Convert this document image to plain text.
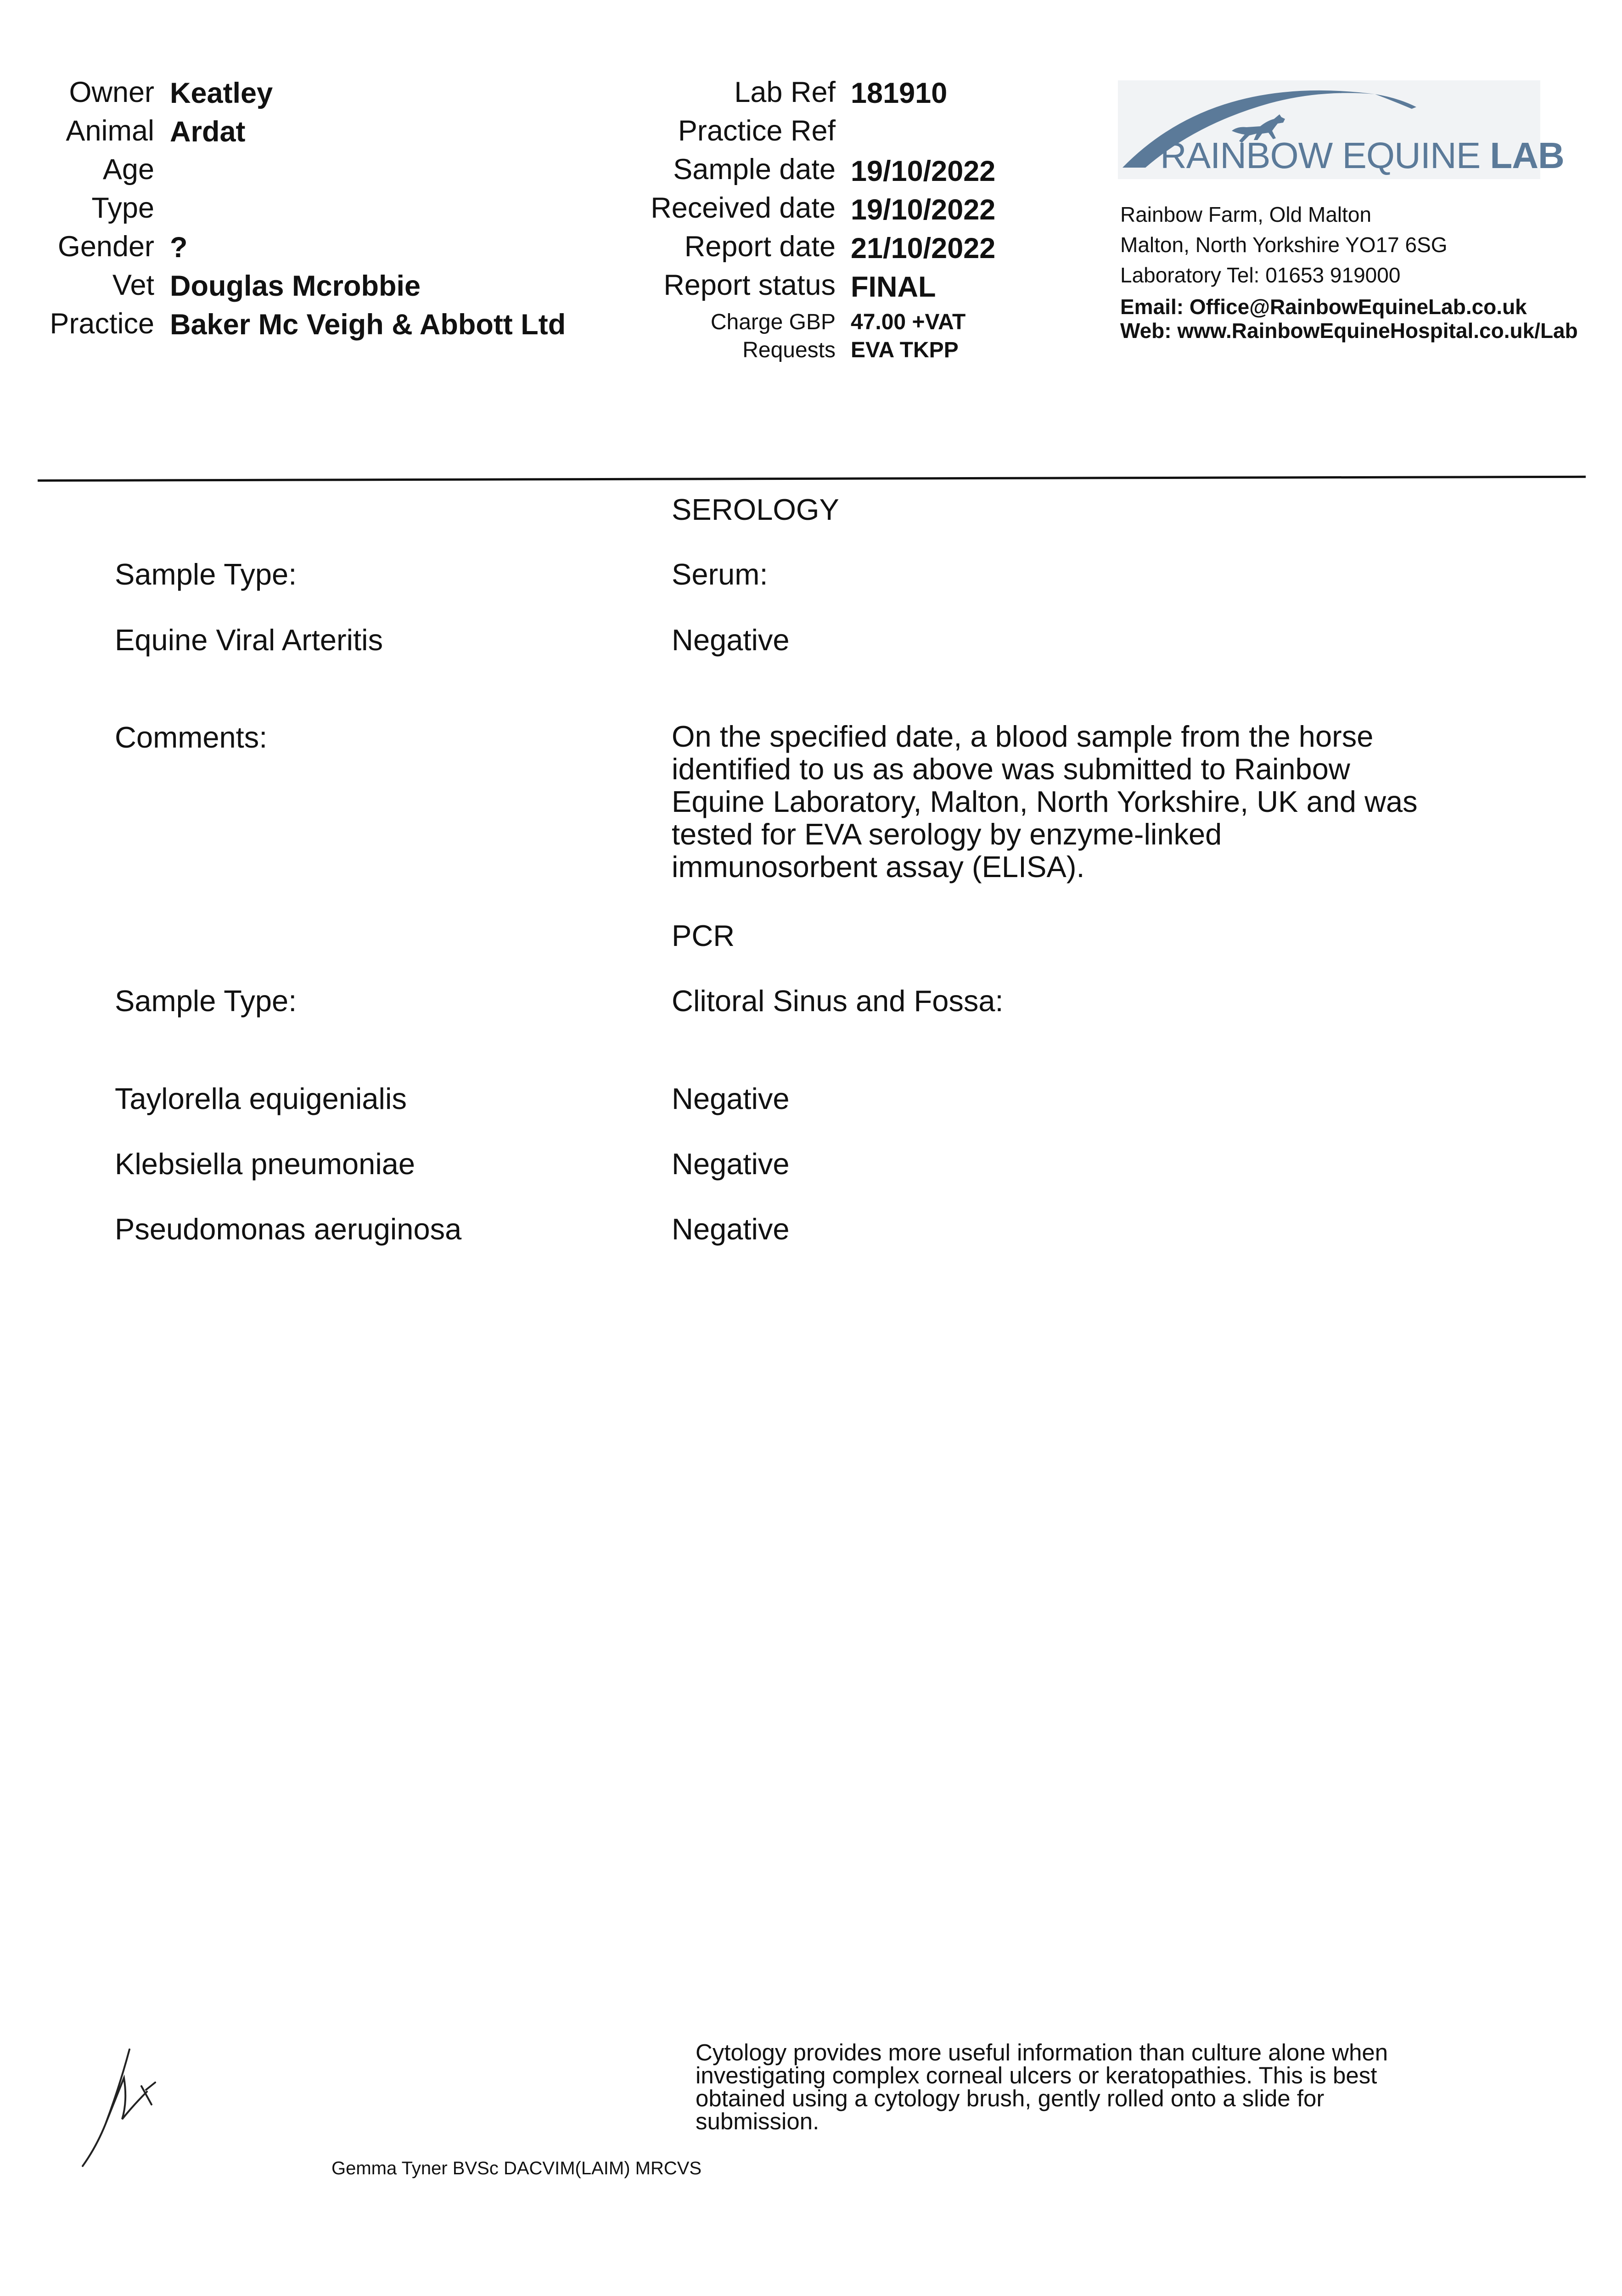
Owner Keatley
Animal Ardat
Age
Type
Gender ?
Vet Douglas Mcrobbie
Practice Baker Mc Veigh & Abbott Ltd
Lab Ref 181910
Practice Ref
Sample date 19/10/2022
Received date 19/10/2022
Report date 21/10/2022
Report status FINAL
Charge GBP 47.00 +VAT
Requests EVA TKPP
RAINBOW EQUINE LAB
Rainbow Farm, Old Malton
Malton, North Yorkshire YO17 6SG
Laboratory Tel: 01653 919000
Email: Office@RainbowEquineLab.co.uk
Web: www.RainbowEquineHospital.co.uk/Lab
SEROLOGY
Sample Type:	Serum:
Equine Viral Arteritis	Negative
Comments:	On the specified date, a blood sample from the horse identified to us as above was submitted to Rainbow Equine Laboratory, Malton, North Yorkshire, UK and was tested for EVA serology by enzyme-linked immunosorbent assay (ELISA).
PCR
Sample Type:	Clitoral Sinus and Fossa:
Taylorella equigenialis	Negative
Klebsiella pneumoniae	Negative
Pseudomonas aeruginosa	Negative
Cytology provides more useful information than culture alone when investigating complex corneal ulcers or keratopathies. This is best obtained using a cytology brush, gently rolled onto a slide for submission.
Gemma Tyner BVSc DACVIM(LAIM) MRCVS
